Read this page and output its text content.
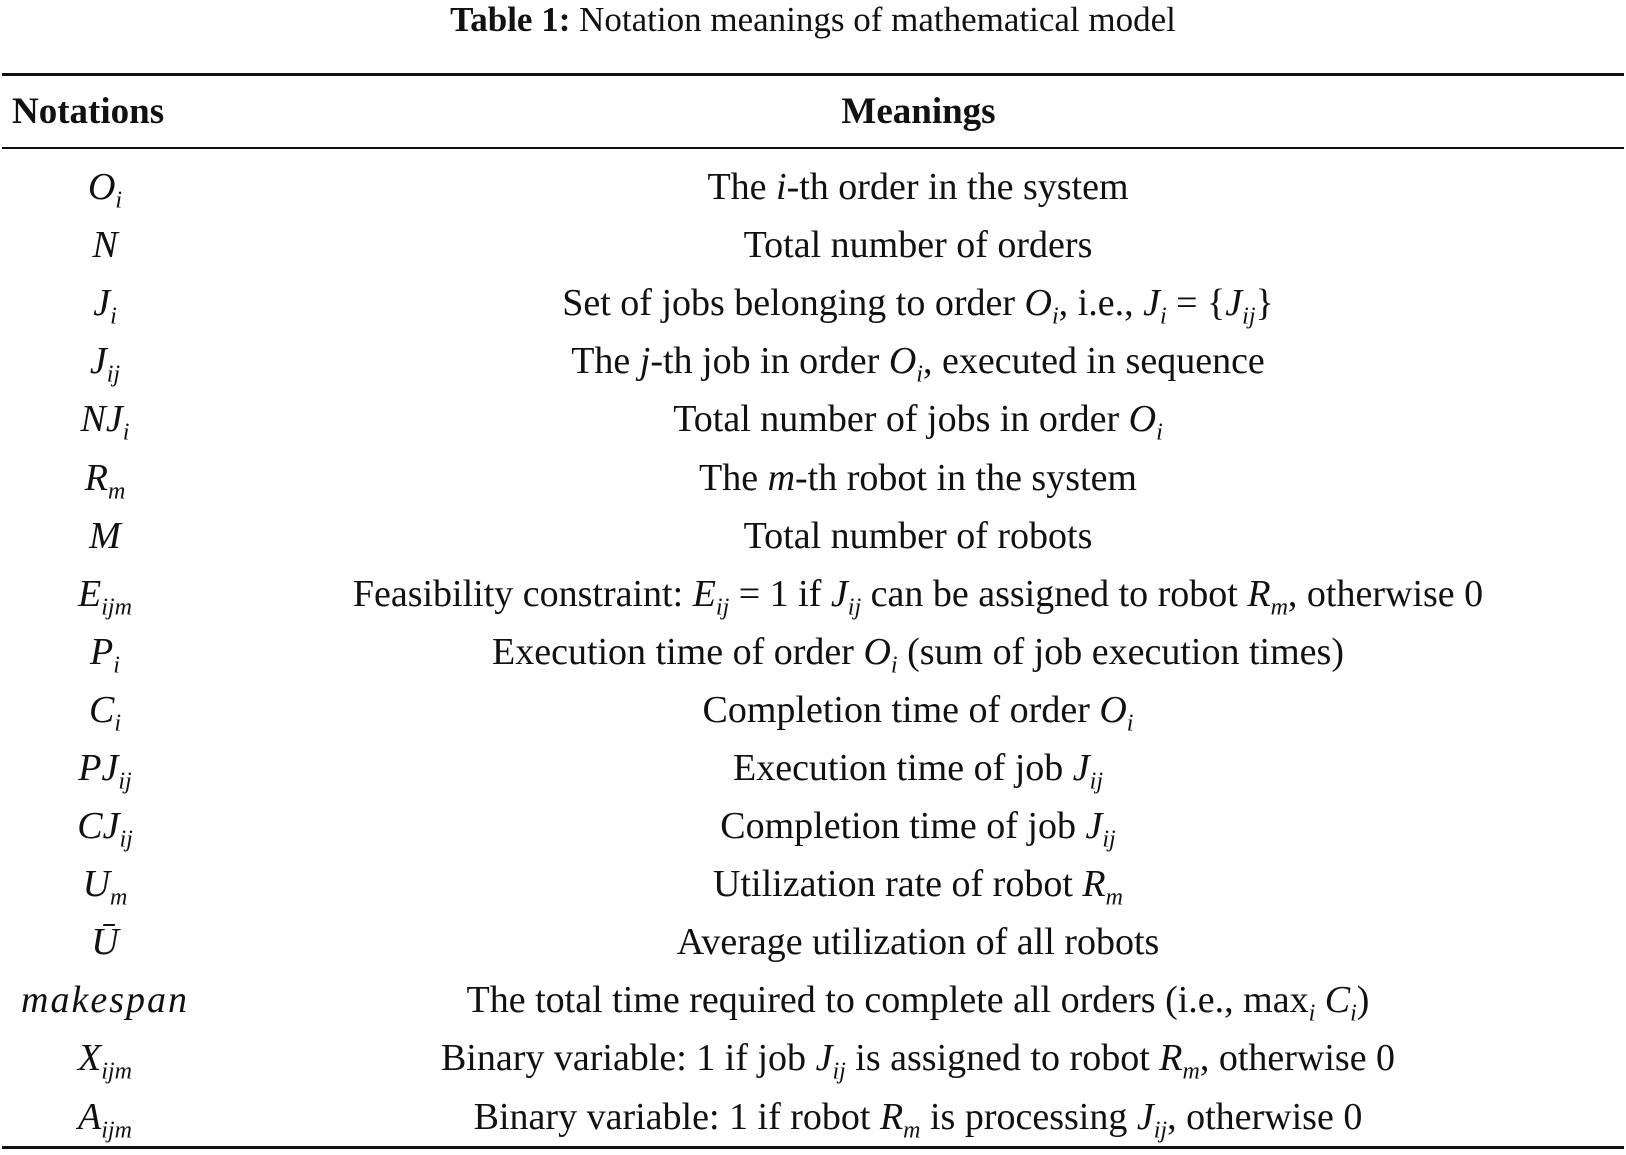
Table 1: Notation meanings of mathematical model
Notations	Meanings
$O_i$	The i-th order in the system
N	Total number of orders
$J_i$	Set of jobs belonging to order $O_i$, i.e., $J_i = \{J_{ij}\}$
$J_{ij}$	The j-th job in order $O_i$, executed in sequence
$NJ_i$	Total number of jobs in order $O_i$
$R_m$	The m-th robot in the system
M	Total number of robots
$E_{ijm}$	Feasibility constraint: $E_{ij} = 1$ if $J_{ij}$ can be assigned to robot $R_m$, otherwise 0
$P_i$	Execution time of order $O_i$ (sum of job execution times)
$C_i$	Completion time of order $O_i$
$PJ_{ij}$	Execution time of job $J_{ij}$
$CJ_{ij}$	Completion time of job $J_{ij}$
$U_m$	Utilization rate of robot $R_m$
Ū	Average utilization of all robots
makespan	The total time required to complete all orders (i.e., $\max_i C_i$)
$X_{ijm}$	Binary variable: 1 if job $J_{ij}$ is assigned to robot $R_m$, otherwise 0
$A_{ijm}$	Binary variable: 1 if robot $R_m$ is processing $J_{ij}$, otherwise 0
